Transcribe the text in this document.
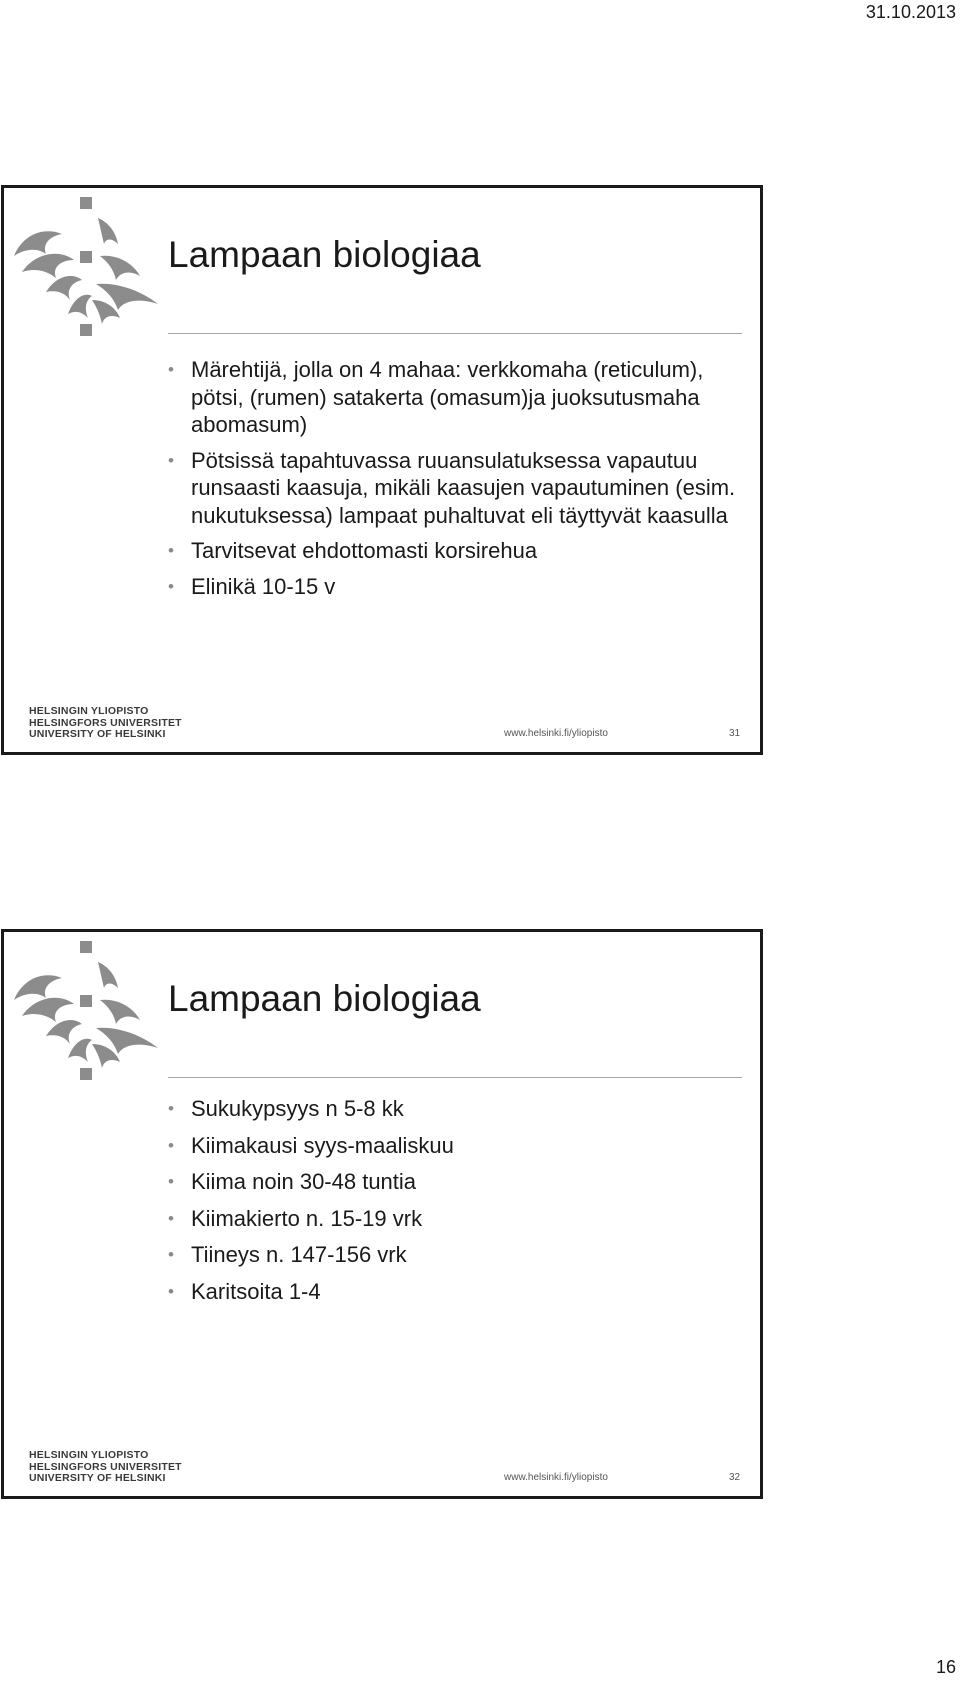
31.10.2013
Lampaan biologiaa
• Märehtijä, jolla on 4 mahaa: verkkomaha (reticulum), pötsi, (rumen) satakerta (omasum)ja juoksutusmaha abomasum)
• Pötsissä tapahtuvassa ruuansulatuksessa vapautuu runsaasti kaasuja, mikäli kaasujen vapautuminen (esim. nukutuksessa) lampaat puhaltuvat eli täyttyvät kaasulla
• Tarvitsevat ehdottomasti korsirehua
• Elinikä 10-15 v
HELSINGIN YLIOPISTO
HELSINGFORS UNIVERSITET
UNIVERSITY OF HELSINKI	www.helsinki.fi/yliopisto	31
Lampaan biologiaa
• Sukukypsyys n 5-8 kk
• Kiimakausi syys-maaliskuu
• Kiima noin 30-48 tuntia
• Kiimakierto n. 15-19 vrk
• Tiineys n. 147-156 vrk
• Karitsoita 1-4
HELSINGIN YLIOPISTO
HELSINGFORS UNIVERSITET
UNIVERSITY OF HELSINKI	www.helsinki.fi/yliopisto	32
16
